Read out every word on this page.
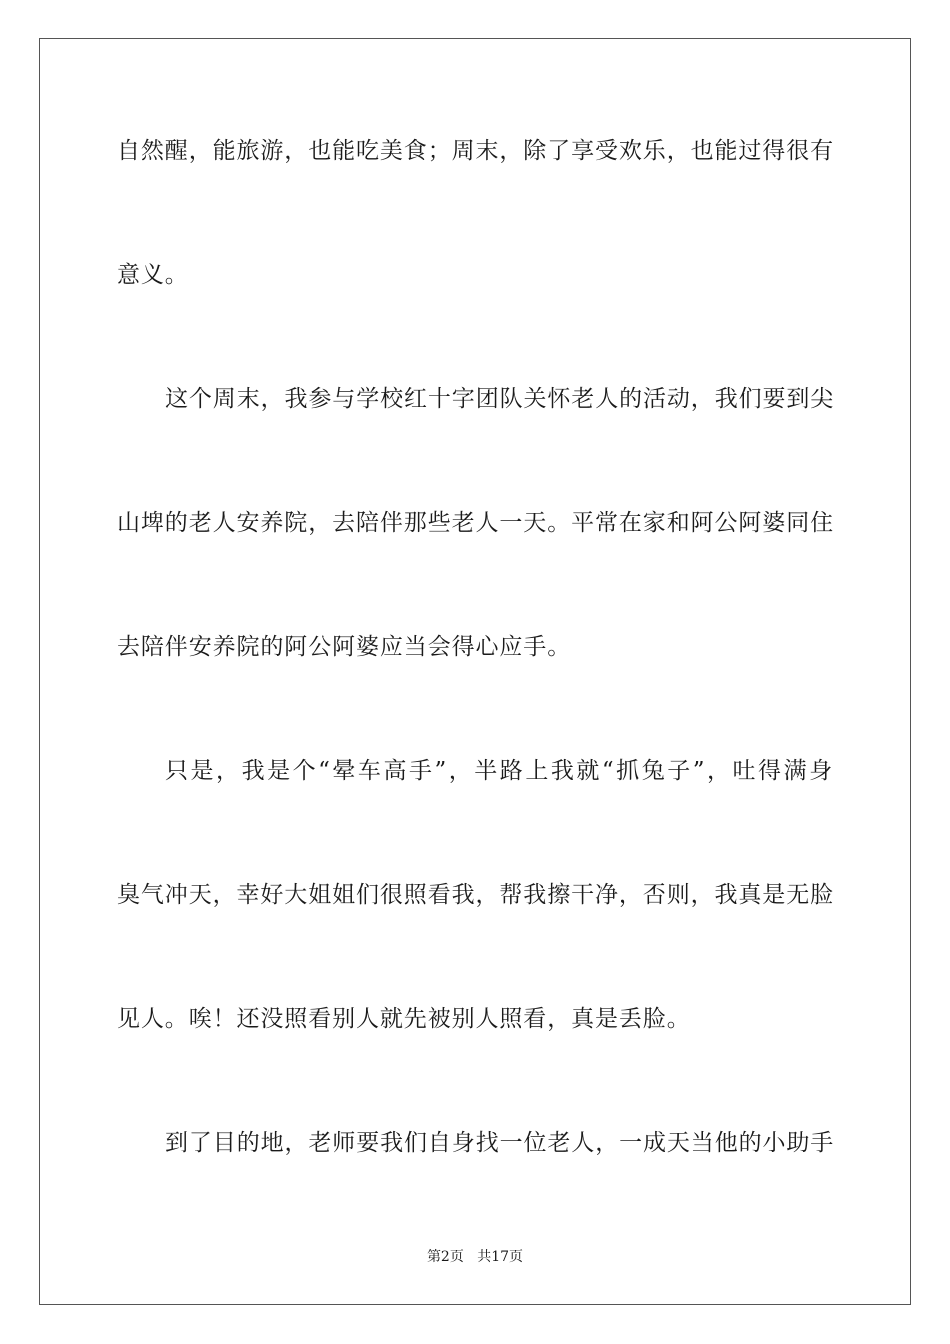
自然醒，能旅游，也能吃美食；周末，除了享受欢乐，也能过得很有
意义。
这个周末，我参与学校红十字团队关怀老人的活动，我们要到尖
山埤的老人安养院，去陪伴那些老人一天。平常在家和阿公阿婆同住
去陪伴安养院的阿公阿婆应当会得心应手。
只是，我是个“晕车高手”，半路上我就“抓兔子”，吐得满身
臭气冲天，幸好大姐姐们很照看我，帮我擦干净，否则，我真是无脸
见人。唉！还没照看别人就先被别人照看，真是丢脸。
到了目的地，老师要我们自身找一位老人，一成天当他的小助手
第2页 共17页
